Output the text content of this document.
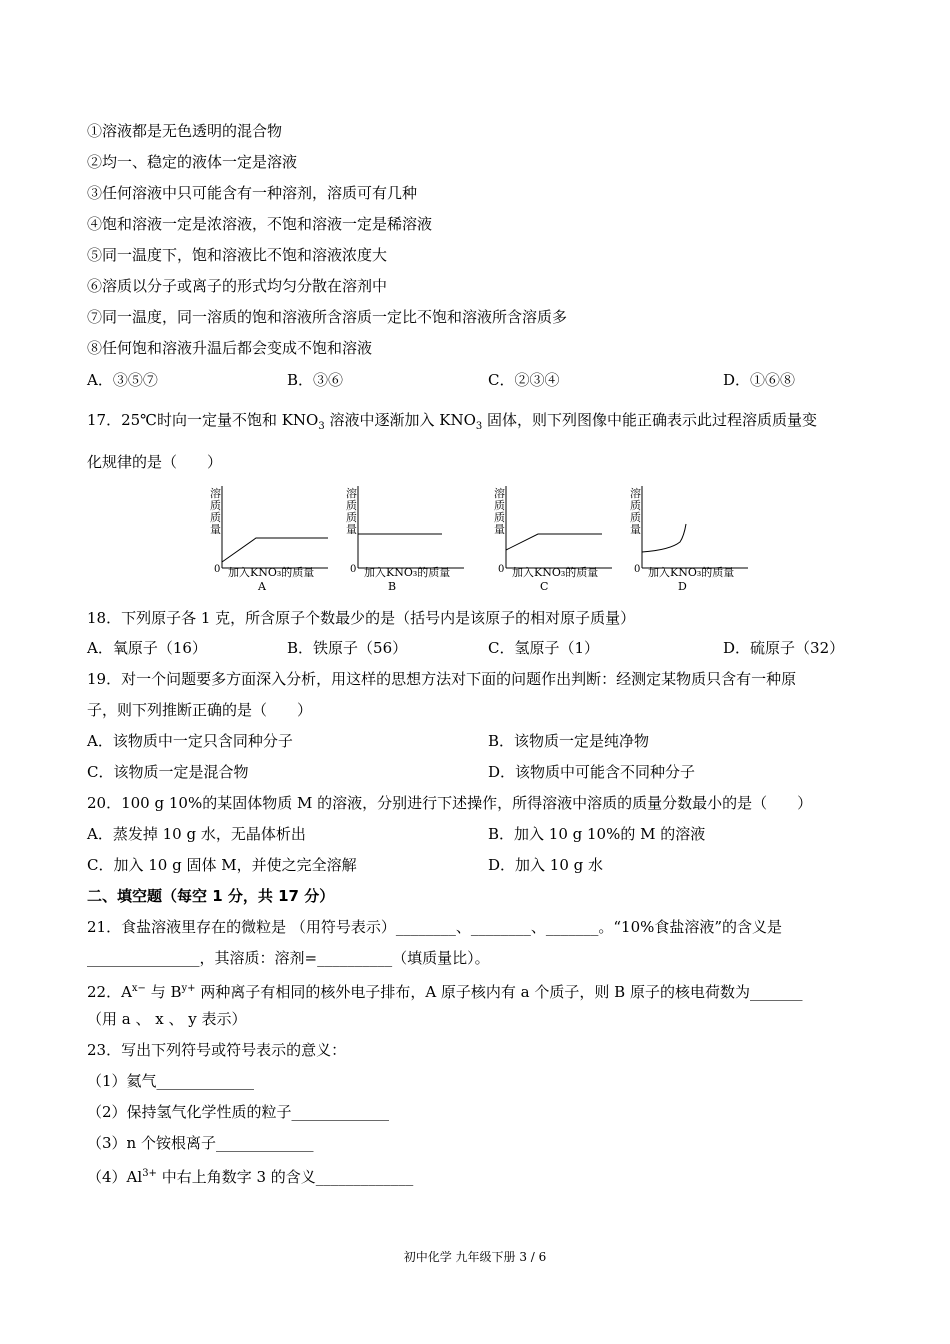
①溶液都是无色透明的混合物
②均一、稳定的液体一定是溶液
③任何溶液中只可能含有一种溶剂，溶质可有几种
④饱和溶液一定是浓溶液，不饱和溶液一定是稀溶液
⑤同一温度下，饱和溶液比不饱和溶液浓度大
⑥溶质以分子或离子的形式均匀分散在溶剂中
⑦同一温度，同一溶质的饱和溶液所含溶质一定比不饱和溶液所含溶质多
⑧任何饱和溶液升温后都会变成不饱和溶液
A．③⑤⑦	B．③⑥	C．②③④	D．①⑥⑧
17．25℃时向一定量不饱和 $KNO_3$ 溶液中逐渐加入 $KNO_3$ 固体，则下列图像中能正确表示此过程溶质质量变
化规律的是（　　）
溶质质量
0 加入KNO₃的质量
A
溶质质量
0 加入KNO₃的质量
B
溶质质量
0 加入KNO₃的质量
C
溶质质量
0 加入KNO₃的质量
D
18．下列原子各 1 克，所含原子个数最少的是（括号内是该原子的相对原子质量）
A．氧原子（16）	B．铁原子（56）	C．氢原子（1）	D．硫原子（32）
19．对一个问题要多方面深入分析，用这样的思想方法对下面的问题作出判断：经测定某物质只含有一种原
子，则下列推断正确的是（　　）
A．该物质中一定只含同种分子	B．该物质一定是纯净物
C．该物质一定是混合物	D．该物质中可能含不同种分子
20．100 g 10%的某固体物质 M 的溶液，分别进行下述操作，所得溶液中溶质的质量分数最小的是（　　）
A．蒸发掉 10 g 水，无晶体析出	B．加入 10 g 10%的 M 的溶液
C．加入 10 g 固体 M，并使之完全溶解	D．加入 10 g 水
二、填空题（每空 1 分，共 17 分）
21．食盐溶液里存在的微粒是 （用符号表示）________、________、_______。“10%食盐溶液”的含义是
_______________，其溶质：溶剂=__________（填质量比）。
22．$A^{x-}$ 与 $B^{y+}$ 两种离子有相同的核外电子排布，A 原子核内有 a 个质子，则 B 原子的核电荷数为_______
（用 a 、 x 、 y 表示）
23．写出下列符号或符号表示的意义：
（1）氦气_____________
（2）保持氢气化学性质的粒子_____________
（3）n 个铵根离子_____________
$(4)Al^{3+}$ 中右上角数字 3 的含义_____________
初中化学 九年级下册 3 / 6
